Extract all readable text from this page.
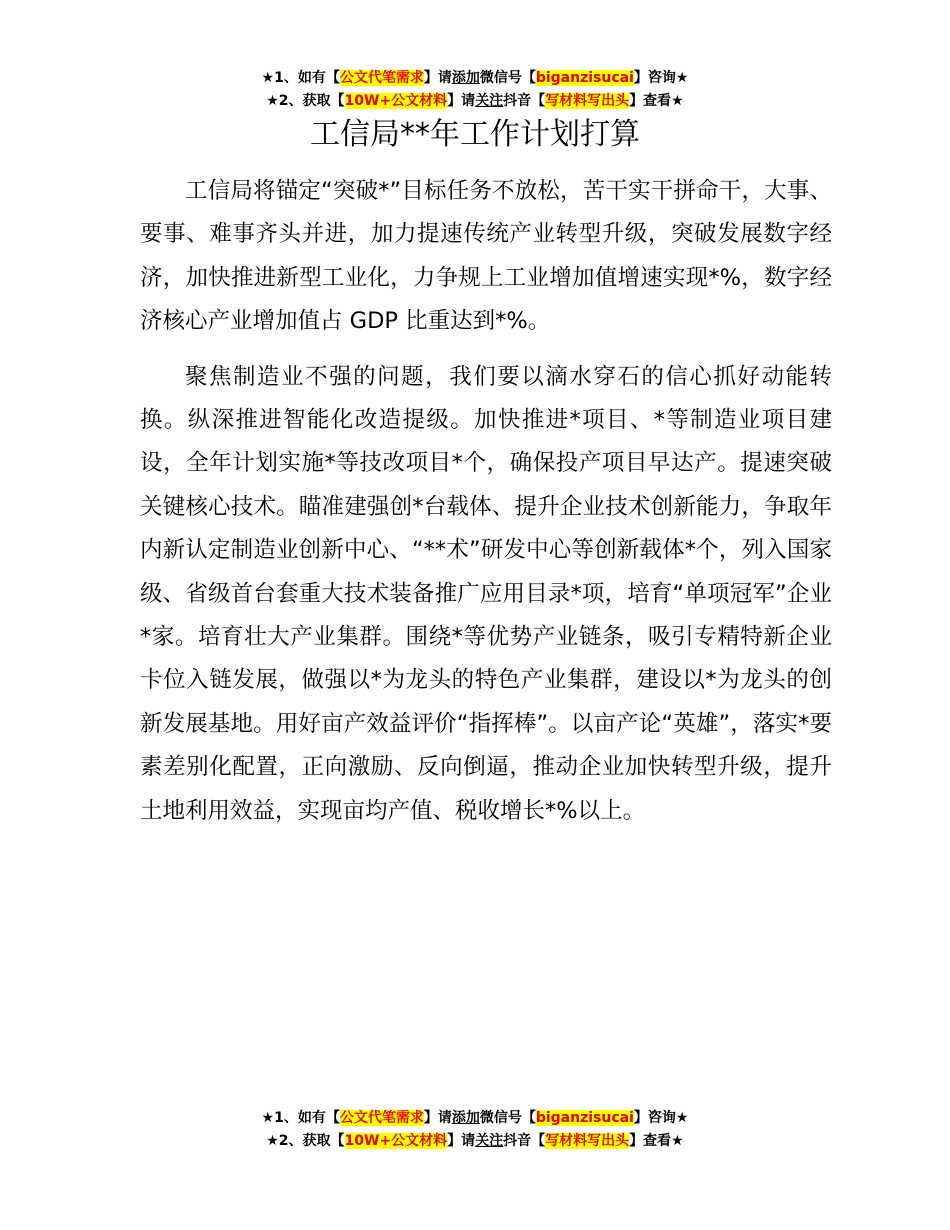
★1、如有【公文代笔需求】请添加微信号【biganzisucai】咨询★
★2、获取【10W+公文材料】请关注抖音【写材料写出头】查看★
工信局**年工作计划打算

工信局将锚定“突破*”目标任务不放松，苦干实干拼命干，大事、要事、难事齐头并进，加力提速传统产业转型升级，突破发展数字经济，加快推进新型工业化，力争规上工业增加值增速实现*%，数字经济核心产业增加值占 GDP 比重达到*%。

聚焦制造业不强的问题，我们要以滴水穿石的信心抓好动能转换。纵深推进智能化改造提级。加快推进*项目、*等制造业项目建设，全年计划实施*等技改项目*个，确保投产项目早达产。提速突破关键核心技术。瞄准建强创*台载体、提升企业技术创新能力，争取年内新认定制造业创新中心、“**术”研发中心等创新载体*个，列入国家级、省级首台套重大技术装备推广应用目录*项，培育“单项冠军”企业*家。培育壮大产业集群。围绕*等优势产业链条，吸引专精特新企业卡位入链发展，做强以*为龙头的特色产业集群，建设以*为龙头的创新发展基地。用好亩产效益评价“指挥棒”。以亩产论“英雄”，落实*要素差别化配置，正向激励、反向倒逼，推动企业加快转型升级，提升土地利用效益，实现亩均产值、税收增长*%以上。

★1、如有【公文代笔需求】请添加微信号【biganzisucai】咨询★
★2、获取【10W+公文材料】请关注抖音【写材料写出头】查看★
